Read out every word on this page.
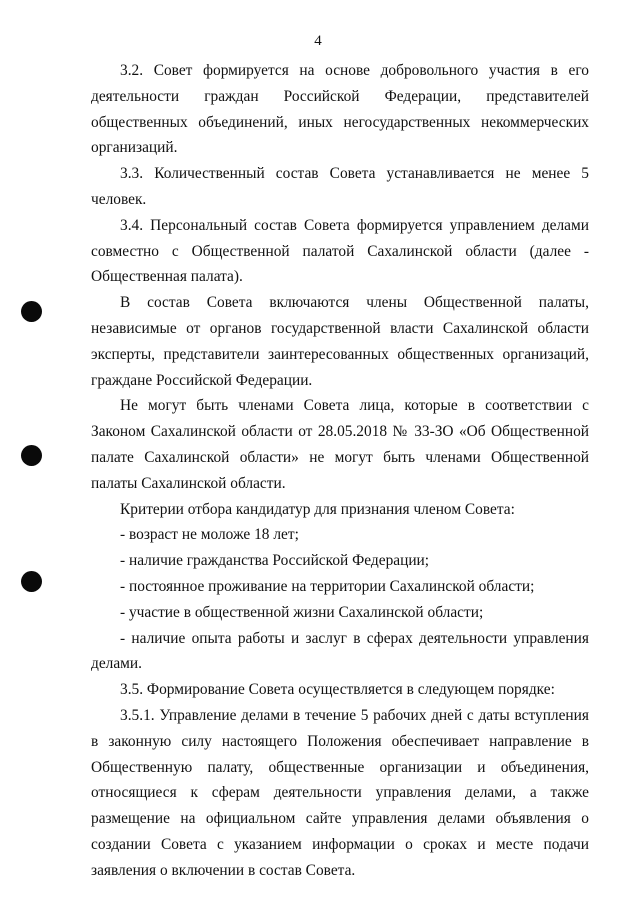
4

3.2. Совет формируется на основе добровольного участия в его деятельности граждан Российской Федерации, представителей общественных объединений, иных негосударственных некоммерческих организаций.

3.3. Количественный состав Совета устанавливается не менее 5 человек.

3.4. Персональный состав Совета формируется управлением делами совместно с Общественной палатой Сахалинской области (далее - Общественная палата).

В состав Совета включаются члены Общественной палаты, независимые от органов государственной власти Сахалинской области эксперты, представители заинтересованных общественных организаций, граждане Российской Федерации.

Не могут быть членами Совета лица, которые в соответствии с Законом Сахалинской области от 28.05.2018 № 33-ЗО «Об Общественной палате Сахалинской области» не могут быть членами Общественной палаты Сахалинской области.

Критерии отбора кандидатур для признания членом Совета:

- возраст не моложе 18 лет;

- наличие гражданства Российской Федерации;

- постоянное проживание на территории Сахалинской области;

- участие в общественной жизни Сахалинской области;

- наличие опыта работы и заслуг в сферах деятельности управления делами.

3.5. Формирование Совета осуществляется в следующем порядке:

3.5.1. Управление делами в течение 5 рабочих дней с даты вступления в законную силу настоящего Положения обеспечивает направление в Общественную палату, общественные организации и объединения, относящиеся к сферам деятельности управления делами, а также размещение на официальном сайте управления делами объявления о создании Совета с указанием информации о сроках и месте подачи заявления о включении в состав Совета.
